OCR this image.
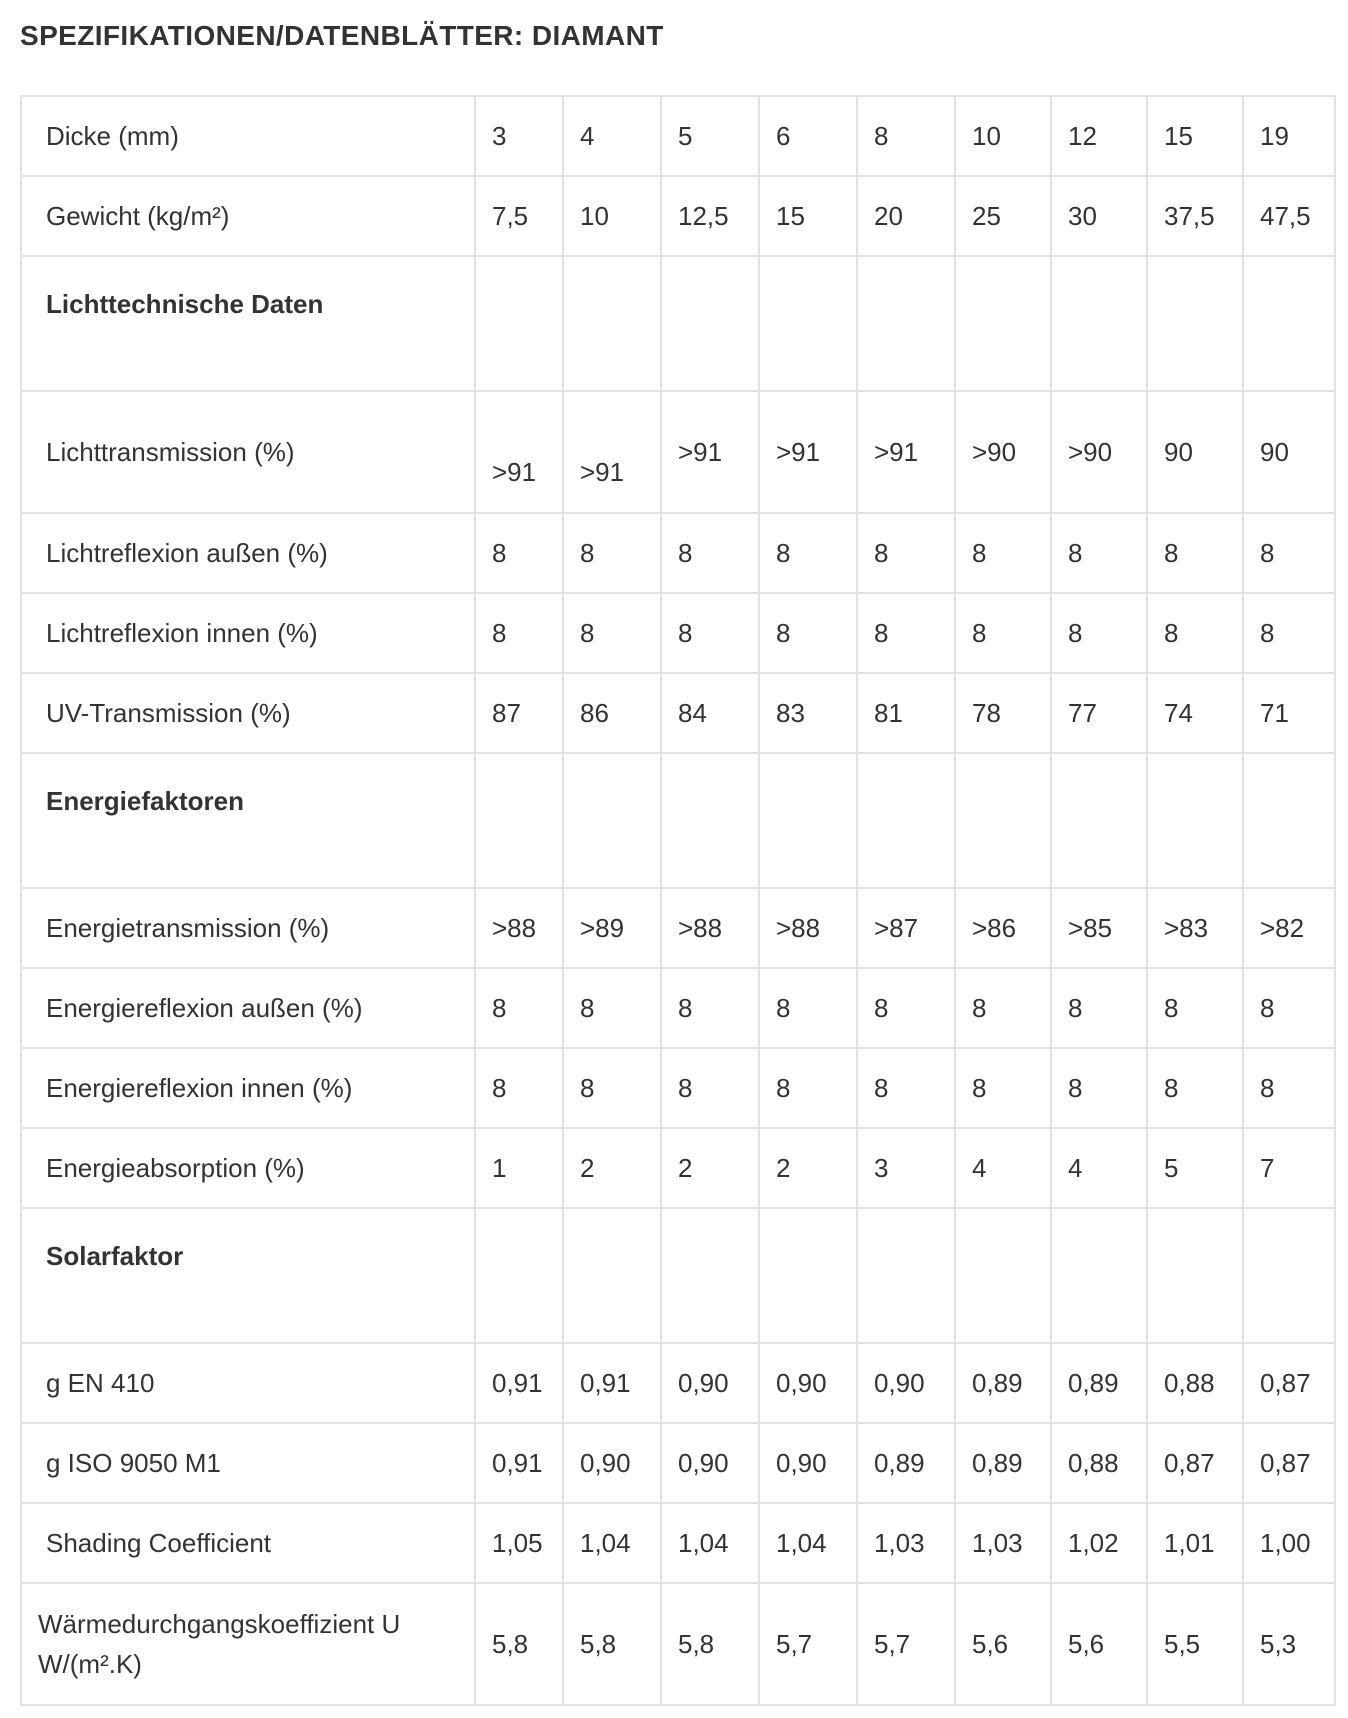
SPEZIFIKATIONEN/DATENBLÄTTER: DIAMANT
Dicke (mm)	3	4	5	6	8	10	12	15	19
Gewicht (kg/m²)	7,5	10	12,5	15	20	25	30	37,5	47,5
Lichttechnische Daten									
Lichttransmission (%)	>91	>91	>91	>91	>91	>90	>90	90	90
Lichtreflexion außen (%)	8	8	8	8	8	8	8	8	8
Lichtreflexion innen (%)	8	8	8	8	8	8	8	8	8
UV-Transmission (%)	87	86	84	83	81	78	77	74	71
Energiefaktoren									
Energietransmission (%)	>88	>89	>88	>88	>87	>86	>85	>83	>82
Energiereflexion außen (%)	8	8	8	8	8	8	8	8	8
Energiereflexion innen (%)	8	8	8	8	8	8	8	8	8
Energieabsorption (%)	1	2	2	2	3	4	4	5	7
Solarfaktor									
g EN 410	0,91	0,91	0,90	0,90	0,90	0,89	0,89	0,88	0,87
g ISO 9050 M1	0,91	0,90	0,90	0,90	0,89	0,89	0,88	0,87	0,87
Shading Coefficient	1,05	1,04	1,04	1,04	1,03	1,03	1,02	1,01	1,00
Wärmedurchgangskoeffizient U W/(m².K)	5,8	5,8	5,8	5,7	5,7	5,6	5,6	5,5	5,3
